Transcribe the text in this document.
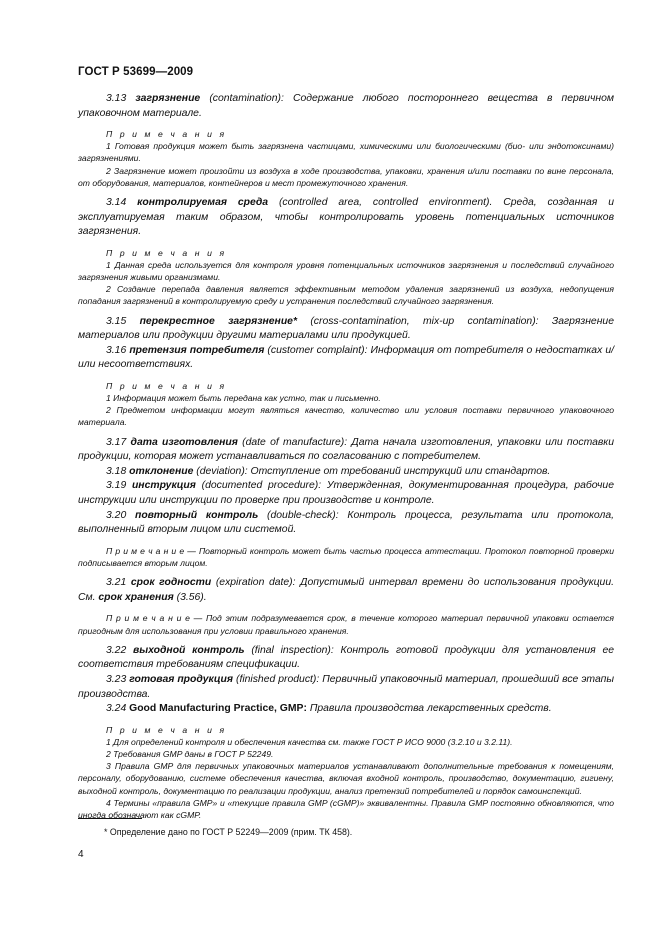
ГОСТ Р 53699—2009

3.13 загрязнение (contamination): Содержание любого постороннего вещества в первичном упаковочном материале.

П р и м е ч а н и я

1 Готовая продукция может быть загрязнена частицами, химическими или биологическими (био- или эндотоксинами) загрязнениями.

2 Загрязнение может произойти из воздуха в ходе производства, упаковки, хранения и/или поставки по вине персонала, от оборудования, материалов, контейнеров и мест промежуточного хранения.

3.14 контролируемая среда (controlled area, controlled environment). Среда, созданная и эксплуатируемая таким образом, чтобы контролировать уровень потенциальных источников загрязнения.

П р и м е ч а н и я

1 Данная среда используется для контроля уровня потенциальных источников загрязнения и последствий случайного загрязнения живыми организмами.

2 Создание перепада давления является эффективным методом удаления загрязнений из воздуха, недопущения попадания загрязнений в контролируемую среду и устранения последствий случайного загрязнения.

3.15 перекрестное загрязнение* (cross-contamination, mix-up contamination): Загрязнение материалов или продукции другими материалами или продукцией.

3.16 претензия потребителя (customer complaint): Информация от потребителя о недостатках и/или несоответствиях.

П р и м е ч а н и я

1 Информация может быть передана как устно, так и письменно.

2 Предметом информации могут являться качество, количество или условия поставки первичного упаковочного материала.

3.17 дата изготовления (date of manufacture): Дата начала изготовления, упаковки или поставки продукции, которая может устанавливаться по согласованию с потребителем.

3.18 отклонение (deviation): Отступление от требований инструкций или стандартов.

3.19 инструкция (documented procedure): Утвержденная, документированная процедура, рабочие инструкции или инструкции по проверке при производстве и контроле.

3.20 повторный контроль (double-check): Контроль процесса, результата или протокола, выполненный вторым лицом или системой.

П р и м е ч а н и е — Повторный контроль может быть частью процесса аттестации. Протокол повторной проверки подписывается вторым лицом.

3.21 срок годности (expiration date): Допустимый интервал времени до использования продукции. См. срок хранения (3.56).

П р и м е ч а н и е — Под этим подразумевается срок, в течение которого материал первичной упаковки остается пригодным для использования при условии правильного хранения.

3.22 выходной контроль (final inspection): Контроль готовой продукции для установления ее соответствия требованиям спецификации.

3.23 готовая продукция (finished product): Первичный упаковочный материал, прошедший все этапы производства.

3.24 Good Manufacturing Practice, GMP: Правила производства лекарственных средств.

П р и м е ч а н и я

1 Для определений контроля и обеспечения качества см. также ГОСТ Р ИСО 9000 (3.2.10 и 3.2.11).

2 Требования GMP даны в ГОСТ Р 52249.

3 Правила GMP для первичных упаковочных материалов устанавливают дополнительные требования к помещениям, персоналу, оборудованию, системе обеспечения качества, включая входной контроль, производство, документацию, гигиену, выходной контроль, документацию по реализации продукции, анализ претензий потребителей и порядок самоинспекций.

4 Термины «правила GMP» и «текущие правила GMP (cGMP)» эквивалентны. Правила GMP постоянно обновляются, что иногда обозначают как cGMP.

* Определение дано по ГОСТ Р 52249—2009 (прим. ТК 458).
4
